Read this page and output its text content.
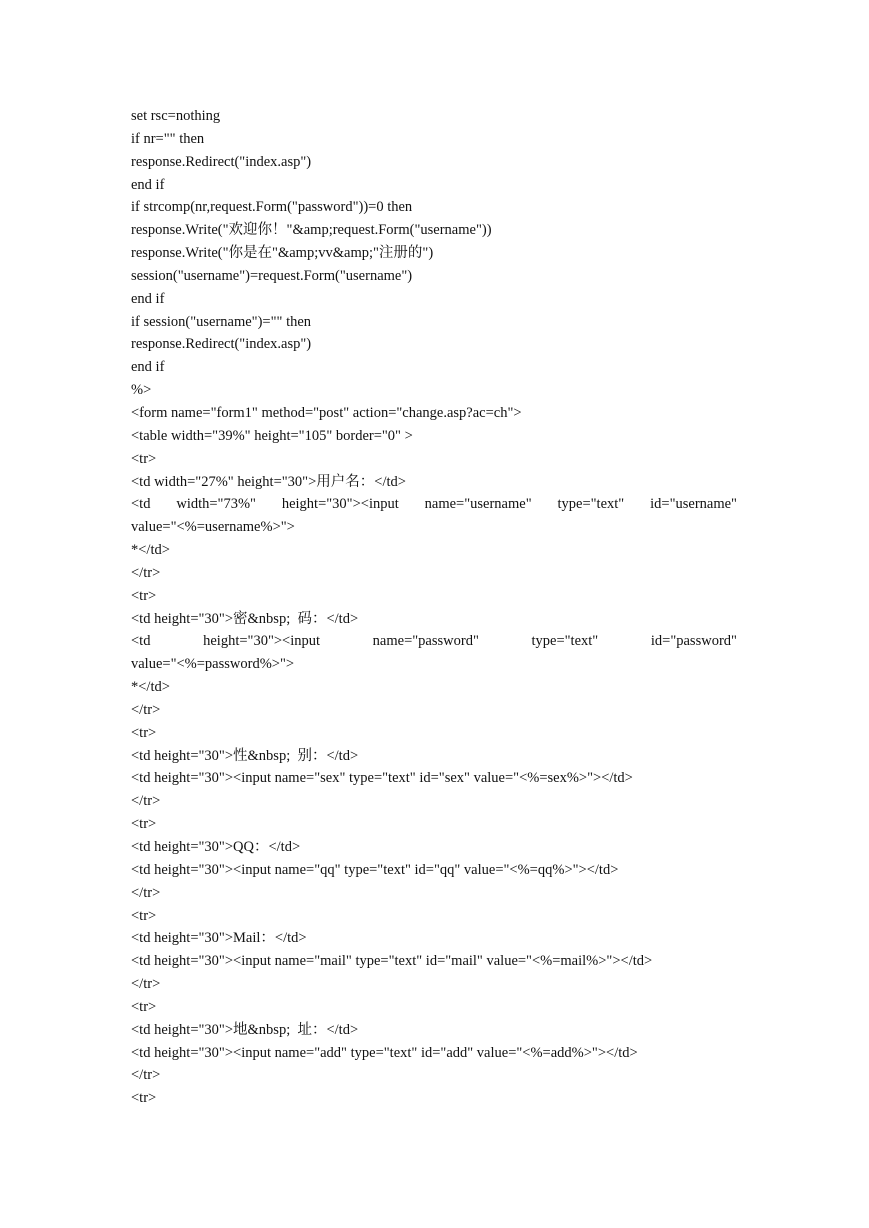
set rsc=nothing
if nr="" then
response.Redirect("index.asp")
end if
if strcomp(nr,request.Form("password"))=0 then
response.Write("欢迎你！"&amp;request.Form("username"))
response.Write("你是在"&amp;vv&amp;"注册的")
session("username")=request.Form("username")
end if
if session("username")="" then
response.Redirect("index.asp")
end if
%>
<form name="form1" method="post" action="change.asp?ac=ch">
<table width="39%" height="105" border="0" >
<tr>
<td width="27%" height="30">用户名：</td>
<td width="73%" height="30"><input name="username" type="text" id="username"
value="<%=username%>">
*</td>
</tr>
<tr>
<td height="30">密&nbsp;  码：</td>
<td	height="30"><input	name="password"	type="text"	id="password"
value="<%=password%>">
*</td>
</tr>
<tr>
<td height="30">性&nbsp;  别：</td>
<td height="30"><input name="sex" type="text" id="sex" value="<%=sex%>"></td>
</tr>
<tr>
<td height="30">QQ：</td>
<td height="30"><input name="qq" type="text" id="qq" value="<%=qq%>"></td>
</tr>
<tr>
<td height="30">Mail：</td>
<td height="30"><input name="mail" type="text" id="mail" value="<%=mail%>"></td>
</tr>
<tr>
<td height="30">地&nbsp;  址：</td>
<td height="30"><input name="add" type="text" id="add" value="<%=add%>"></td>
</tr>
<tr>
